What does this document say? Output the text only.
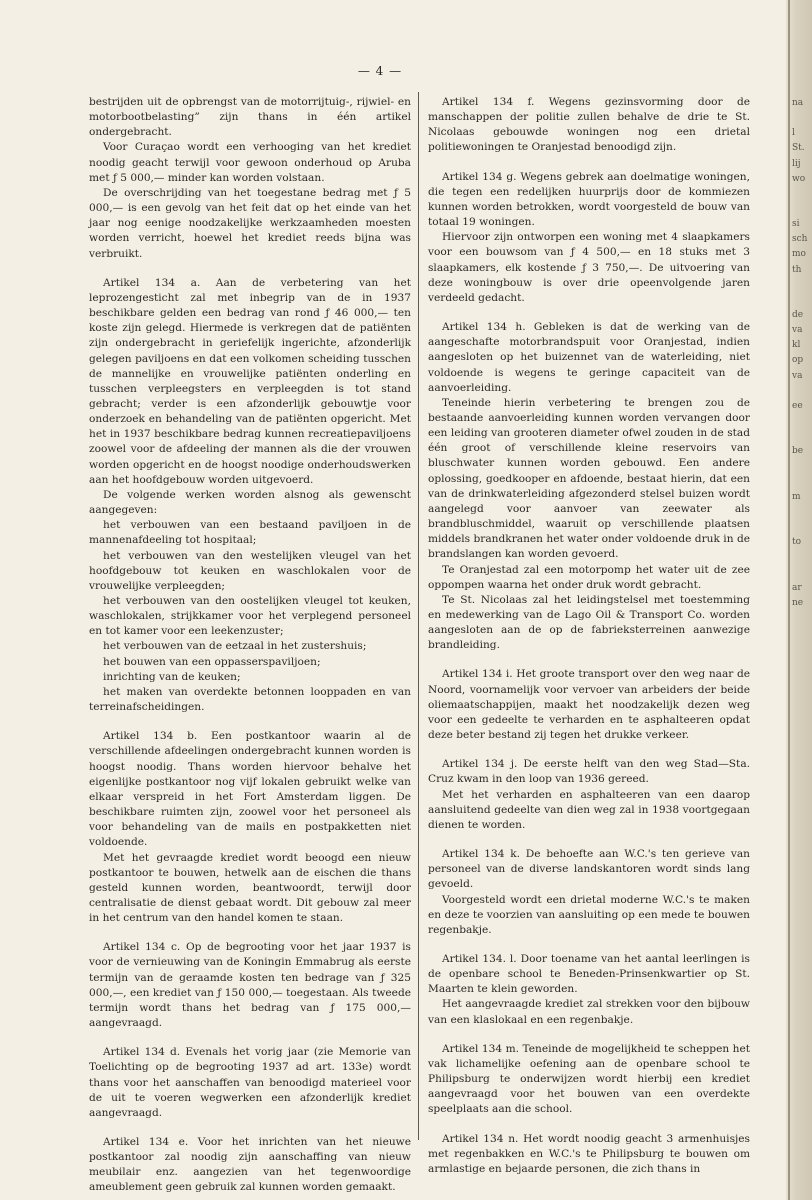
— 4 —

bestrijden uit de opbrengst van de motorrijtuig-, rijwiel- en motorbootbelasting” zijn thans in één artikel ondergebracht.

Voor Curaçao wordt een verhooging van het krediet noodig geacht terwijl voor gewoon onderhoud op Aruba met ƒ 5 000,— minder kan worden volstaan.

De overschrijding van het toegestane bedrag met ƒ 5 000,— is een gevolg van het feit dat op het einde van het jaar nog eenige noodzakelijke werkzaamheden moesten worden verricht, hoewel het krediet reeds bijna was verbruikt.

Artikel 134 a. Aan de verbetering van het leprozengesticht zal met inbegrip van de in 1937 beschikbare gelden een bedrag van rond ƒ 46 000,— ten koste zijn gelegd. Hiermede is verkregen dat de patiënten zijn ondergebracht in geriefelijk ingerichte, afzonderlijk gelegen paviljoens en dat een volkomen scheiding tusschen de mannelijke en vrouwelijke patiënten onderling en tusschen verpleegsters en verpleegden is tot stand gebracht; verder is een afzonderlijk gebouwtje voor onderzoek en behandeling van de patiënten opgericht. Met het in 1937 beschikbare bedrag kunnen recreatiepaviljoens zoowel voor de afdeeling der mannen als die der vrouwen worden opgericht en de hoogst noodige onderhoudswerken aan het hoofdgebouw worden uitgevoerd.

De volgende werken worden alsnog als gewenscht aangegeven:

het verbouwen van een bestaand paviljoen in de mannenafdeeling tot hospitaal;

het verbouwen van den westelijken vleugel van het hoofdgebouw tot keuken en waschlokalen voor de vrouwelijke verpleegden;

het verbouwen van den oostelijken vleugel tot keuken, waschlokalen, strijkkamer voor het verplegend personeel en tot kamer voor een leekenzuster;

het verbouwen van de eetzaal in het zustershuis;

het bouwen van een oppasserspaviljoen;

inrichting van de keuken;

het maken van overdekte betonnen looppaden en van terreinafscheidingen.

Artikel 134 b. Een postkantoor waarin al de verschillende afdeelingen ondergebracht kunnen worden is hoogst noodig. Thans worden hiervoor behalve het eigenlijke postkantoor nog vijf lokalen gebruikt welke van elkaar verspreid in het Fort Amsterdam liggen. De beschikbare ruimten zijn, zoowel voor het personeel als voor behandeling van de mails en postpakketten niet voldoende.

Met het gevraagde krediet wordt beoogd een nieuw postkantoor te bouwen, hetwelk aan de eischen die thans gesteld kunnen worden, beantwoordt, terwijl door centralisatie de dienst gebaat wordt. Dit gebouw zal meer in het centrum van den handel komen te staan.

Artikel 134 c. Op de begrooting voor het jaar 1937 is voor de vernieuwing van de Koningin Emmabrug als eerste termijn van de geraamde kosten ten bedrage van ƒ 325 000,—, een krediet van ƒ 150 000,— toegestaan. Als tweede termijn wordt thans het bedrag van ƒ 175 000,— aangevraagd.

Artikel 134 d. Evenals het vorig jaar (zie Memorie van Toelichting op de begrooting 1937 ad art. 133e) wordt thans voor het aanschaffen van benoodigd materieel voor de uit te voeren wegwerken een afzonderlijk krediet aangevraagd.

Artikel 134 e. Voor het inrichten van het nieuwe postkantoor zal noodig zijn aanschaffing van nieuw meubilair enz. aangezien van het tegenwoordige ameublement geen gebruik zal kunnen worden gemaakt.

Artikel 134 f. Wegens gezinsvorming door de manschappen der politie zullen behalve de drie te St. Nicolaas gebouwde woningen nog een drietal politiewoningen te Oranjestad benoodigd zijn.

Artikel 134 g. Wegens gebrek aan doelmatige woningen, die tegen een redelijken huurprijs door de kommiezen kunnen worden betrokken, wordt voorgesteld de bouw van totaal 19 woningen.

Hiervoor zijn ontworpen een woning met 4 slaapkamers voor een bouwsom van ƒ 4 500,— en 18 stuks met 3 slaapkamers, elk kostende ƒ 3 750,—. De uitvoering van deze woningbouw is over drie opeenvolgende jaren verdeeld gedacht.

Artikel 134 h. Gebleken is dat de werking van de aangeschafte motorbrandspuit voor Oranjestad, indien aangesloten op het buizennet van de waterleiding, niet voldoende is wegens te geringe capaciteit van de aanvoerleiding.

Teneinde hierin verbetering te brengen zou de bestaande aanvoerleiding kunnen worden vervangen door een leiding van grooteren diameter ofwel zouden in de stad één groot of verschillende kleine reservoirs van bluschwater kunnen worden gebouwd. Een andere oplossing, goedkooper en afdoende, bestaat hierin, dat een van de drinkwaterleiding afgezonderd stelsel buizen wordt aangelegd voor aanvoer van zeewater als brandbluschmiddel, waaruit op verschillende plaatsen middels brandkranen het water onder voldoende druk in de brandslangen kan worden gevoerd.

Te Oranjestad zal een motorpomp het water uit de zee oppompen waarna het onder druk wordt gebracht.

Te St. Nicolaas zal het leidingstelsel met toestemming en medewerking van de Lago Oil & Transport Co. worden aangesloten aan de op de fabrieksterreinen aanwezige brandleiding.

Artikel 134 i. Het groote transport over den weg naar de Noord, voornamelijk voor vervoer van arbeiders der beide oliemaatschappijen, maakt het noodzakelijk dezen weg voor een gedeelte te verharden en te asphalteeren opdat deze beter bestand zij tegen het drukke verkeer.

Artikel 134 j. De eerste helft van den weg Stad—Sta. Cruz kwam in den loop van 1936 gereed.

Met het verharden en asphalteeren van een daarop aansluitend gedeelte van dien weg zal in 1938 voortgegaan dienen te worden.

Artikel 134 k. De behoefte aan W.C.'s ten gerieve van personeel van de diverse landskantoren wordt sinds lang gevoeld.

Voorgesteld wordt een drietal moderne W.C.'s te maken en deze te voorzien van aansluiting op een mede te bouwen regenbakje.

Artikel 134. l. Door toename van het aantal leerlingen is de openbare school te Beneden-Prinsenkwartier op St. Maarten te klein geworden.

Het aangevraagde krediet zal strekken voor den bijbouw van een klaslokaal en een regenbakje.

Artikel 134 m. Teneinde de mogelijkheid te scheppen het vak lichamelijke oefening aan de openbare school te Philipsburg te onderwijzen wordt hierbij een krediet aangevraagd voor het bouwen van een overdekte speelplaats aan die school.

Artikel 134 n. Het wordt noodig geacht 3 armenhuisjes met regenbakken en W.C.'s te Philipsburg te bouwen om armlastige en bejaarde personen, die zich thans in

na
l
St.
lij
wo
si
sch
mo
th
de
va
kl
op
va
ee
be
m
to
ar
ne
